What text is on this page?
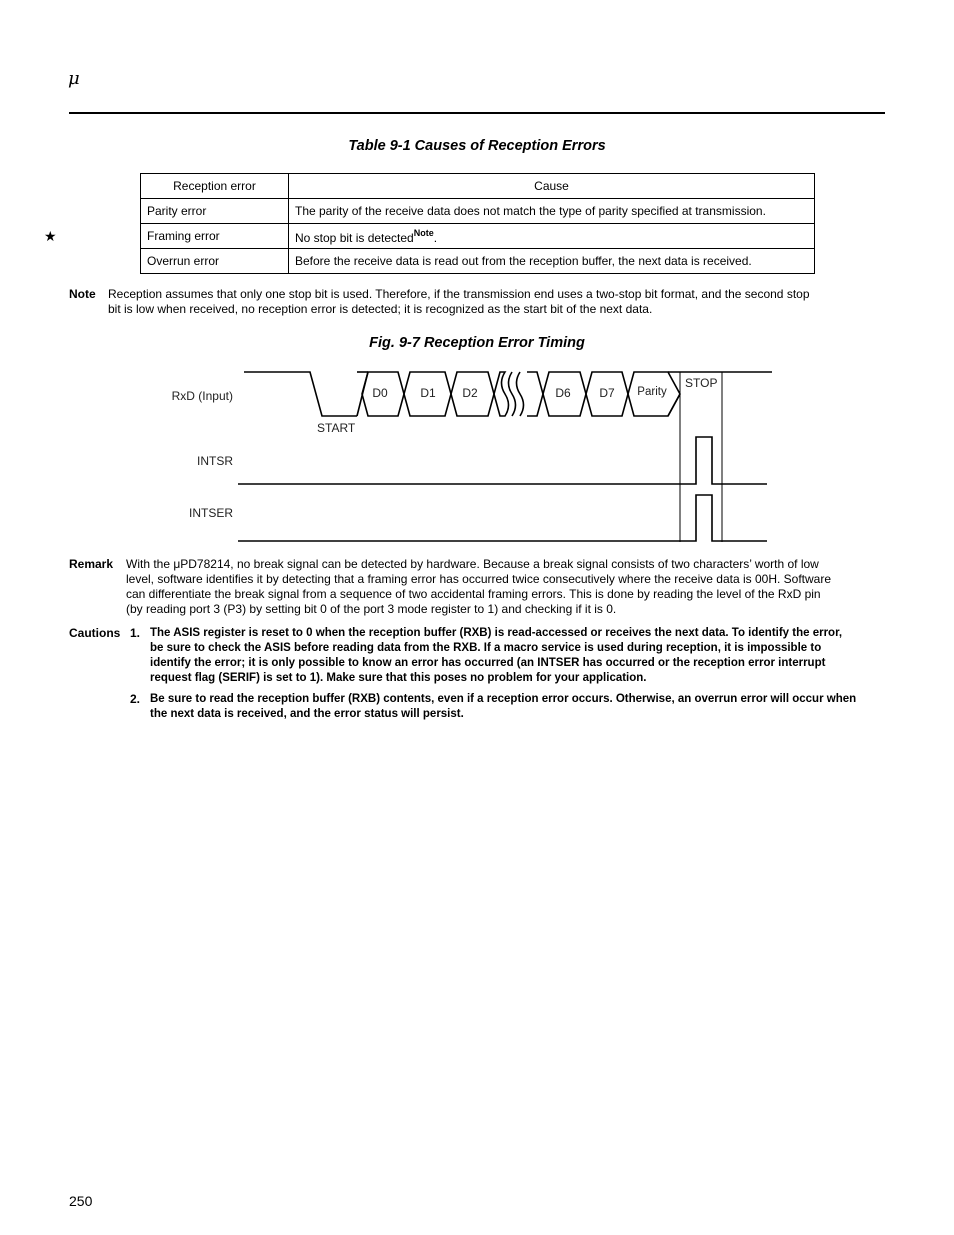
μ
Table 9-1 Causes of Reception Errors
★
Reception error	Cause
Parity error	The parity of the receive data does not match the type of parity specified at transmission.
Framing error	No stop bit is detected$^{Note}$.
Overrun error	Before the receive data is read out from the reception buffer, the next data is received.
Note Reception assumes that only one stop bit is used. Therefore, if the transmission end uses a two-stop bit format, and the second stop
bit is low when received, no reception error is detected; it is recognized as the start bit of the next data.
Fig. 9-7 Reception Error Timing
RxD (Input)
INTSR
INTSER
D0	D1 D2	D6 D7 Parity
START
STOP
Remark With the μPD78214, no break signal can be detected by hardware. Because a break signal consists of two characters’ worth of low
level, software identifies it by detecting that a framing error has occurred twice consecutively where the receive data is 00H. Software
can differentiate the break signal from a sequence of two accidental framing errors. This is done by reading the level of the RxD pin
(by reading port 3 (P3) by setting bit 0 of the port 3 mode register to 1) and checking if it is 0.
Cautions 1. The ASIS register is reset to 0 when the reception buffer (RXB) is read-accessed or receives the next data. To identify the error,
be sure to check the ASIS before reading data from the RXB. If a macro service is used during reception, it is impossible to
identify the error; it is only possible to know an error has occurred (an INTSER has occurred or the reception error interrupt
request flag (SERIF) is set to 1). Make sure that this poses no problem for your application.
2. Be sure to read the reception buffer (RXB) contents, even if a reception error occurs. Otherwise, an overrun error will occur when
the next data is received, and the error status will persist.
250
